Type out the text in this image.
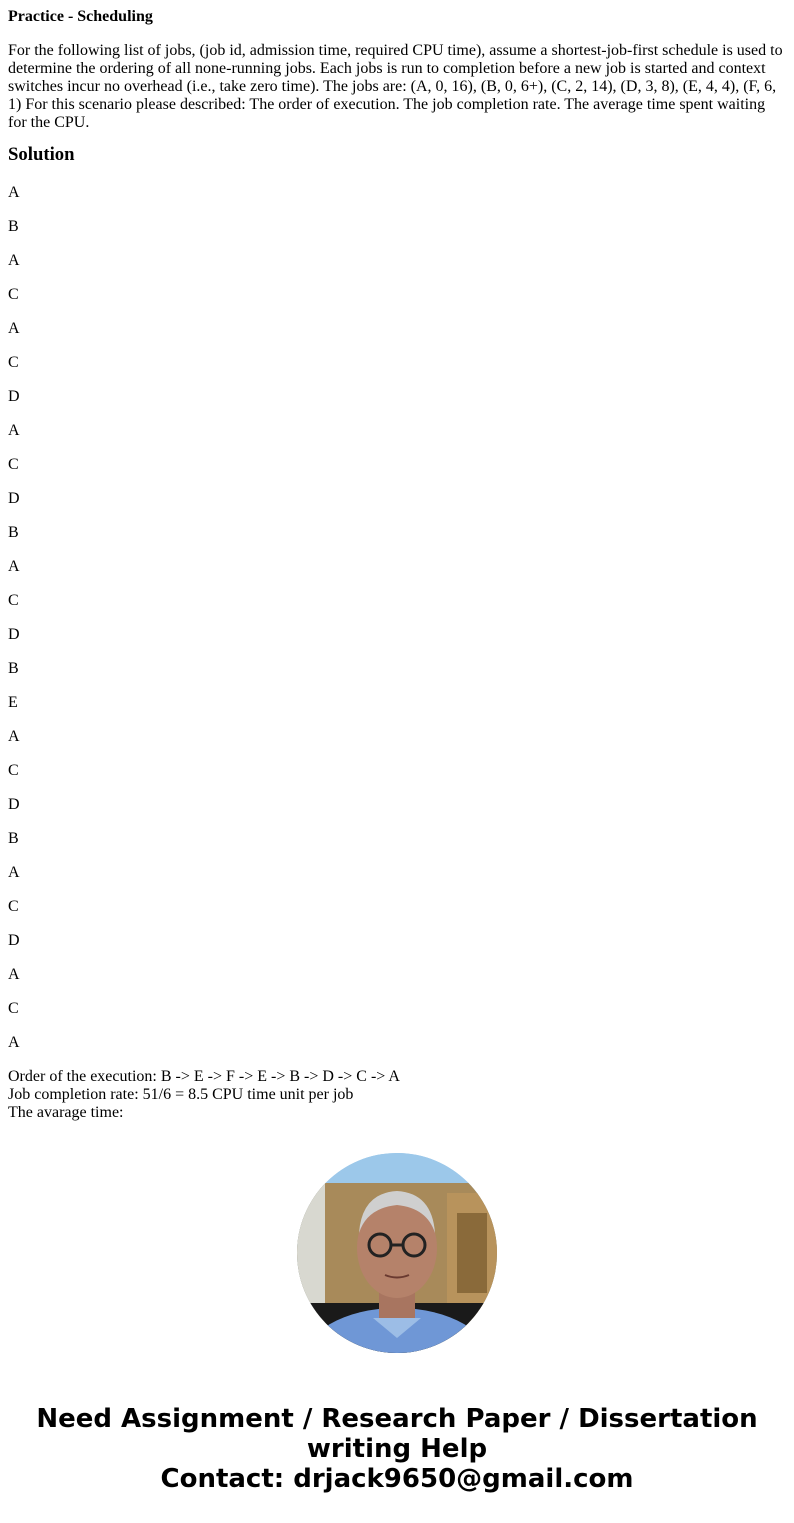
Practice - Scheduling
For the following list of jobs, (job id, admission time, required CPU time), assume a shortest-job-first schedule is used to determine the ordering of all none-running jobs. Each jobs is run to completion before a new job is started and context switches incur no overhead (i.e., take zero time). The jobs are: (A, 0, 16), (B, 0, 6+), (C, 2, 14), (D, 3, 8), (E, 4, 4), (F, 6, 1) For this scenario please described: The order of execution. The job completion rate. The average time spent waiting for the CPU.
Solution

A

B

A

C

A

C

D

A

C

D

B

A

C

D

B

E

A

C

D

B

A

C

D

A

C

A

Order of the execution: B -> E -> F -> E -> B -> D -> C -> A
Job completion rate: 51/6 = 8.5 CPU time unit per job
The avarage time:
Need Assignment / Research Paper / Dissertation
writing Help
Contact: drjack9650@gmail.com
